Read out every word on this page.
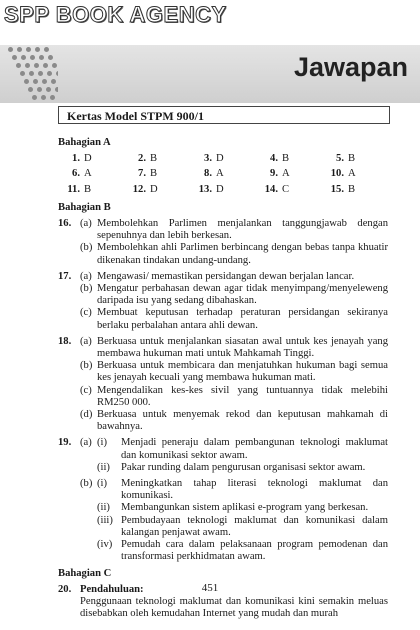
SPP BOOK AGENCY
Jawapan
Kertas Model STPM 900/1
Bahagian A
1. D	2. B	3. D	4. B	5. B
6. A	7. B	8. A	9. A	10. A
11. B	12. D	13. D	14. C	15. B
Bahagian B
16. (a) Membolehkan Parlimen menjalankan tanggungjawab dengan sepenuhnya dan lebih berkesan.
(b) Membolehkan ahli Parlimen berbincang dengan bebas tanpa khuatir dikenakan tindakan undang-undang.
17. (a) Mengawasi/ memastikan persidangan dewan berjalan lancar.
(b) Mengatur perbahasan dewan agar tidak menyimpang/menyeleweng daripada isu yang sedang dibahaskan.
(c) Membuat keputusan terhadap peraturan persidangan sekiranya berlaku perbalahan antara ahli dewan.
18. (a) Berkuasa untuk menjalankan siasatan awal untuk kes jenayah yang membawa hukuman mati untuk Mahkamah Tinggi.
(b) Berkuasa untuk membicara dan menjatuhkan hukuman bagi semua kes jenayah kecuali yang membawa hukuman mati.
(c) Mengendalikan kes-kes sivil yang tuntuannya tidak melebihi RM250 000.
(d) Berkuasa untuk menyemak rekod dan keputusan mahkamah di bawahnya.
19. (a) (i)	Menjadi peneraju dalam pembangunan teknologi maklumat dan komunikasi sektor awam.
(ii)	Pakar runding dalam pengurusan organisasi sektor awam.
(b) (i)	Meningkatkan tahap literasi teknologi maklumat dan komunikasi.
(ii)	Membangunkan sistem aplikasi e-program yang berkesan.
(iii) Pembudayaan teknologi maklumat dan komunikasi dalam kalangan penjawat awam.
(iv) Pemudah cara dalam pelaksanaan program pemodenan dan transformasi perkhidmatan awam.
Bahagian C
20. Pendahuluan:
Penggunaan teknologi maklumat dan komunikasi kini semakin meluas disebabkan oleh kemudahan Internet yang mudah dan murah
451
